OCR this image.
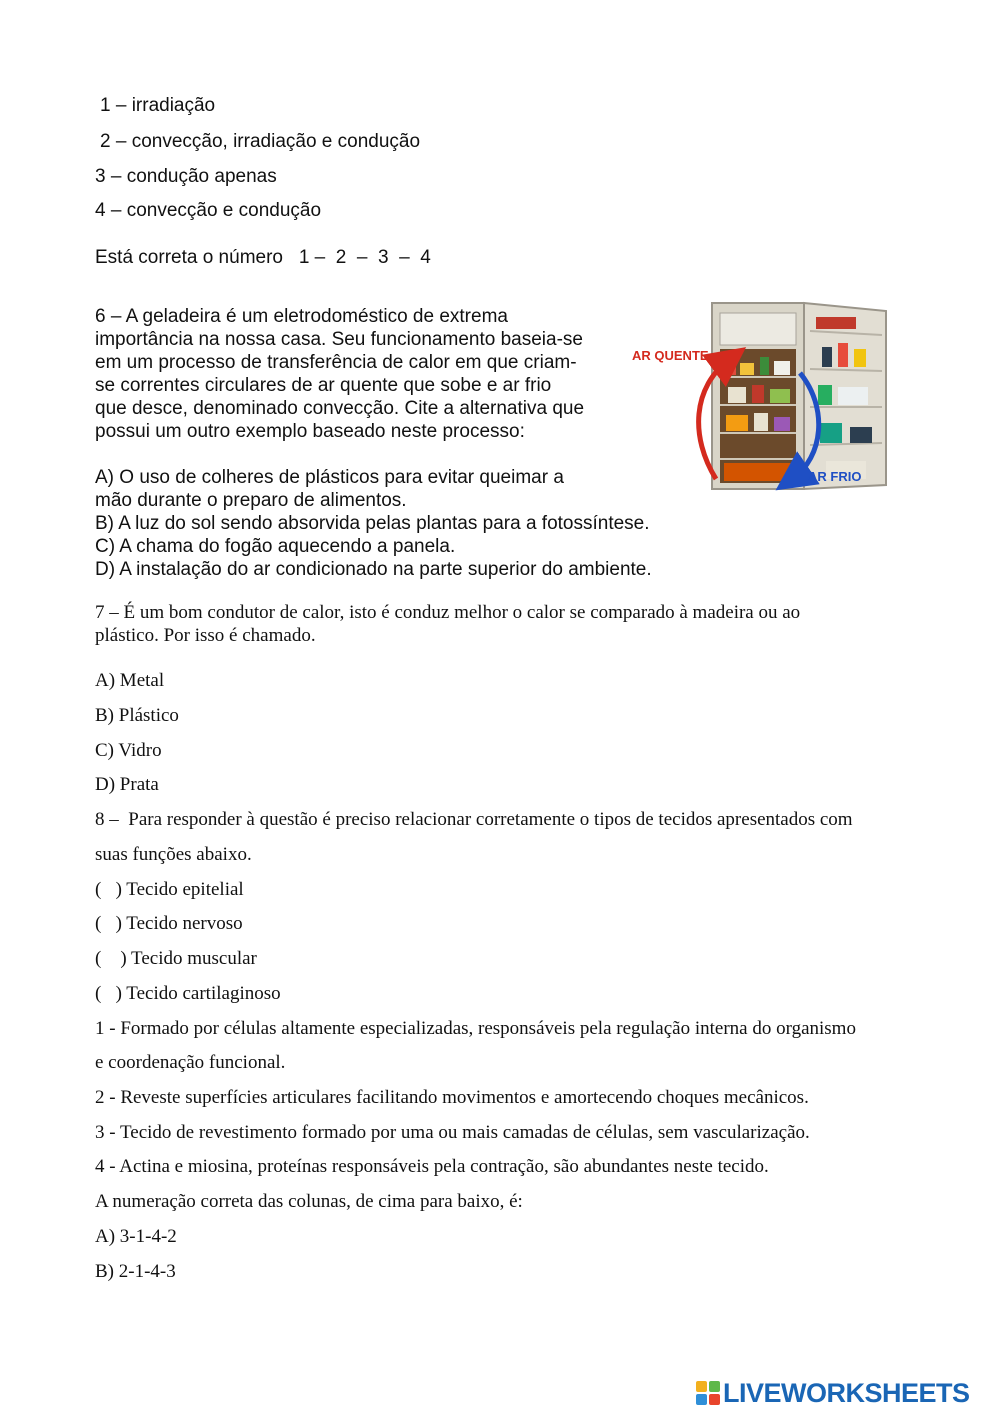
1 – irradiação
2 – convecção, irradiação e condução
3 – condução apenas
4 – convecção e condução
Está correta o número   1 –  2  –  3  –  4
6 – A geladeira é um eletrodoméstico de extrema
importância na nossa casa. Seu funcionamento baseia-se
em um processo de transferência de calor em que criam-
se correntes circulares de ar quente que sobe e ar frio
que desce, denominado convecção. Cite a alternativa que
possui um outro exemplo baseado neste processo:
A) O uso de colheres de plásticos para evitar queimar a
mão durante o preparo de alimentos.
B) A luz do sol sendo absorvida pelas plantas para a fotossíntese.
C) A chama do fogão aquecendo a panela.
D) A instalação do ar condicionado na parte superior do ambiente.
AR QUENTE
AR FRIO
7 – É um bom condutor de calor, isto é conduz melhor o calor se comparado à madeira ou ao
plástico. Por isso é chamado.
A) Metal
B) Plástico
C) Vidro
D) Prata
8 –  Para responder à questão é preciso relacionar corretamente o tipos de tecidos apresentados com
suas funções abaixo.
(   ) Tecido epitelial
(   ) Tecido nervoso
(    ) Tecido muscular
(   ) Tecido cartilaginoso
1 - Formado por células altamente especializadas, responsáveis pela regulação interna do organismo
e coordenação funcional.
2 - Reveste superfícies articulares facilitando movimentos e amortecendo choques mecânicos.
3 - Tecido de revestimento formado por uma ou mais camadas de células, sem vascularização.
4 - Actina e miosina, proteínas responsáveis pela contração, são abundantes neste tecido.
A numeração correta das colunas, de cima para baixo, é:
A) 3-1-4-2
B) 2-1-4-3
LIVEWORKSHEETS
